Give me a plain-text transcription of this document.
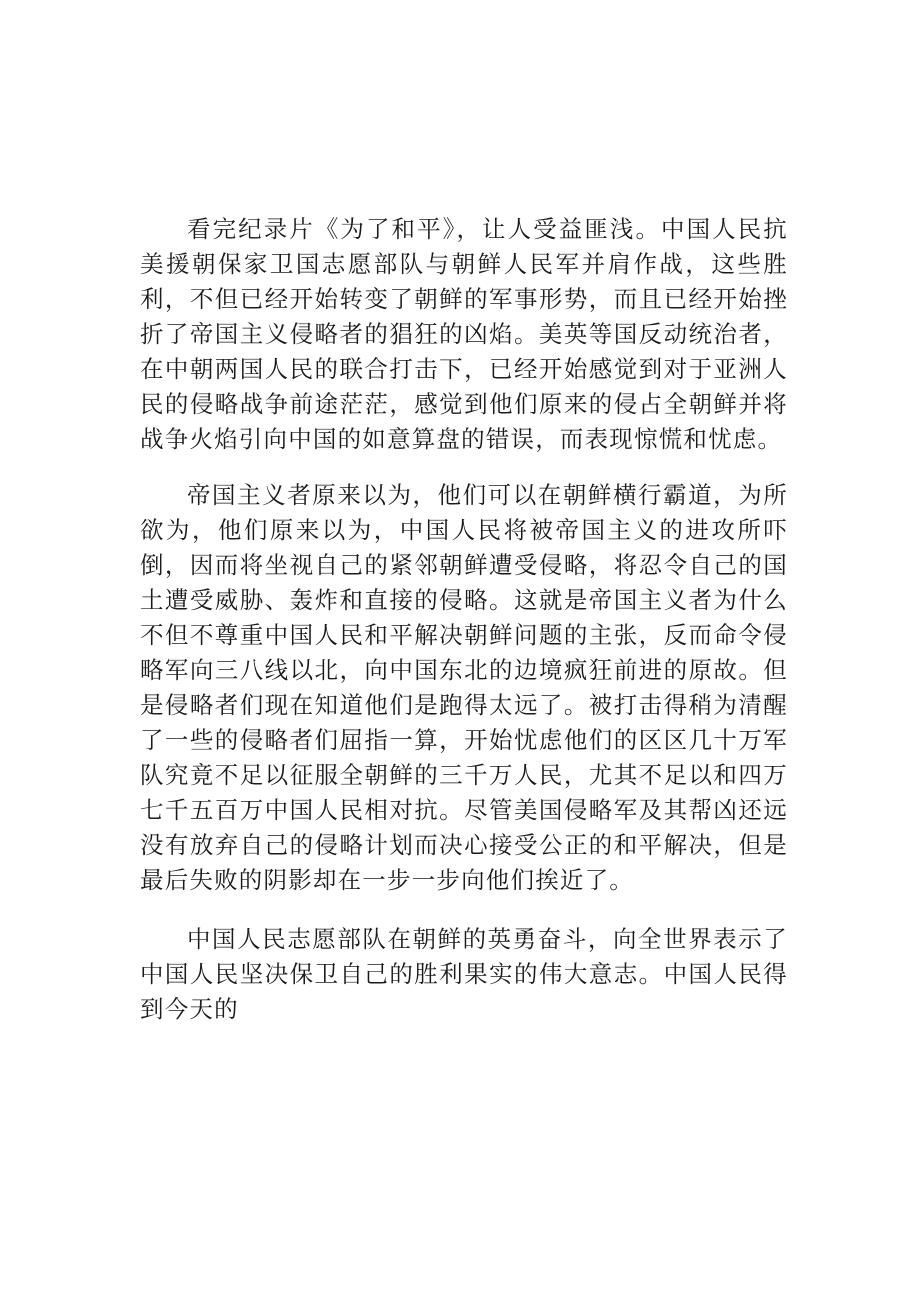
看完纪录片《为了和平》，让人受益匪浅。中国人民抗美援朝保家卫国志愿部队与朝鲜人民军并肩作战，这些胜利，不但已经开始转变了朝鲜的军事形势，而且已经开始挫折了帝国主义侵略者的猖狂的凶焰。美英等国反动统治者，在中朝两国人民的联合打击下，已经开始感觉到对于亚洲人民的侵略战争前途茫茫，感觉到他们原来的侵占全朝鲜并将战争火焰引向中国的如意算盘的错误，而表现惊慌和忧虑。

帝国主义者原来以为，他们可以在朝鲜横行霸道，为所欲为，他们原来以为，中国人民将被帝国主义的进攻所吓倒，因而将坐视自己的紧邻朝鲜遭受侵略，将忍令自己的国土遭受威胁、轰炸和直接的侵略。这就是帝国主义者为什么不但不尊重中国人民和平解决朝鲜问题的主张，反而命令侵略军向三八线以北，向中国东北的边境疯狂前进的原故。但是侵略者们现在知道他们是跑得太远了。被打击得稍为清醒了一些的侵略者们屈指一算，开始忧虑他们的区区几十万军队究竟不足以征服全朝鲜的三千万人民，尤其不足以和四万七千五百万中国人民相对抗。尽管美国侵略军及其帮凶还远没有放弃自己的侵略计划而决心接受公正的和平解决，但是最后失败的阴影却在一步一步向他们挨近了。

中国人民志愿部队在朝鲜的英勇奋斗，向全世界表示了中国人民坚决保卫自己的胜利果实的伟大意志。中国人民得到今天的
